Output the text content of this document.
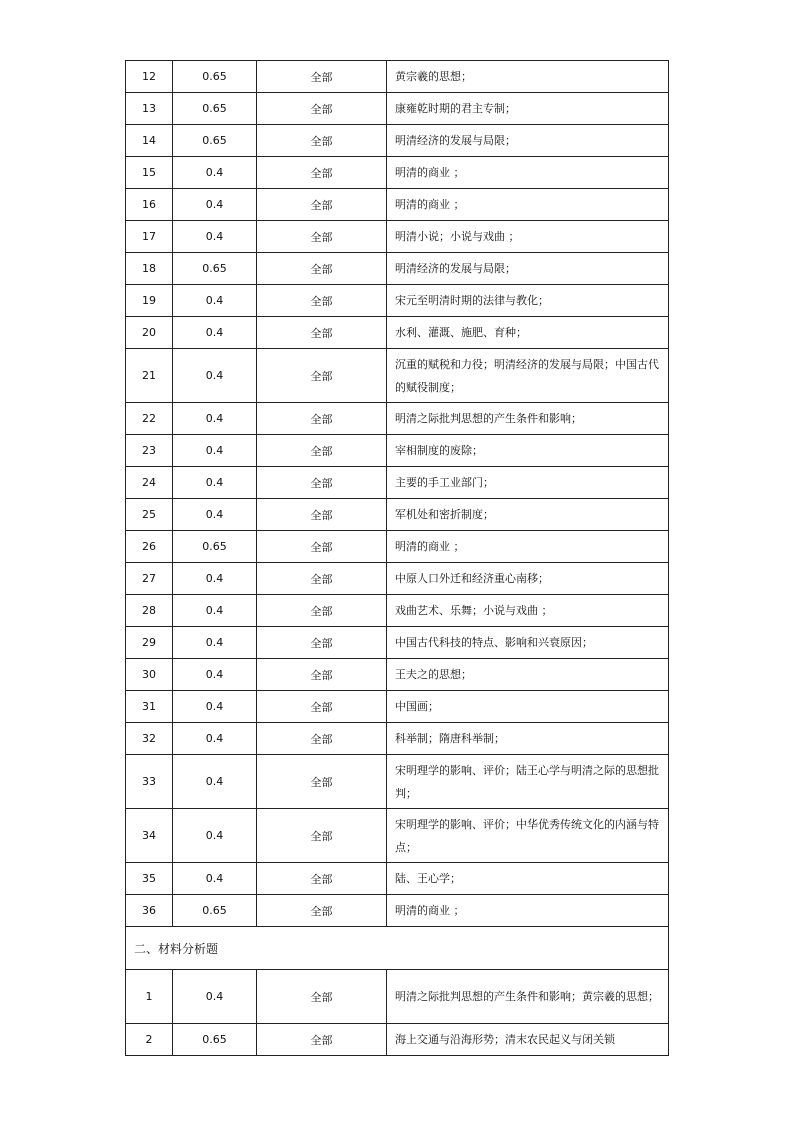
12	0.65	全部	黄宗羲的思想；
13	0.65	全部	康雍乾时期的君主专制；
14	0.65	全部	明清经济的发展与局限；
15	0.4	全部	明清的商业 ；
16	0.4	全部	明清的商业 ；
17	0.4	全部	明清小说；小说与戏曲 ；
18	0.65	全部	明清经济的发展与局限；
19	0.4	全部	宋元至明清时期的法律与教化；
20	0.4	全部	水利、灌溉、施肥、育种；
21	0.4	全部	沉重的赋税和力役；明清经济的发展与局限；中国古代的赋役制度；
22	0.4	全部	明清之际批判思想的产生条件和影响；
23	0.4	全部	宰相制度的废除；
24	0.4	全部	主要的手工业部门；
25	0.4	全部	军机处和密折制度；
26	0.65	全部	明清的商业 ；
27	0.4	全部	中原人口外迁和经济重心南移；
28	0.4	全部	戏曲艺术、乐舞；小说与戏曲 ；
29	0.4	全部	中国古代科技的特点、影响和兴衰原因；
30	0.4	全部	王夫之的思想；
31	0.4	全部	中国画；
32	0.4	全部	科举制；隋唐科举制；
33	0.4	全部	宋明理学的影响、评价；陆王心学与明清之际的思想批判；
34	0.4	全部	宋明理学的影响、评价；中华优秀传统文化的内涵与特点；
35	0.4	全部	陆、王心学；
36	0.65	全部	明清的商业 ；
二、材料分析题			
1	0.4	全部	明清之际批判思想的产生条件和影响；黄宗羲的思想；
2	0.65	全部	海上交通与沿海形势；清末农民起义与闭关锁
